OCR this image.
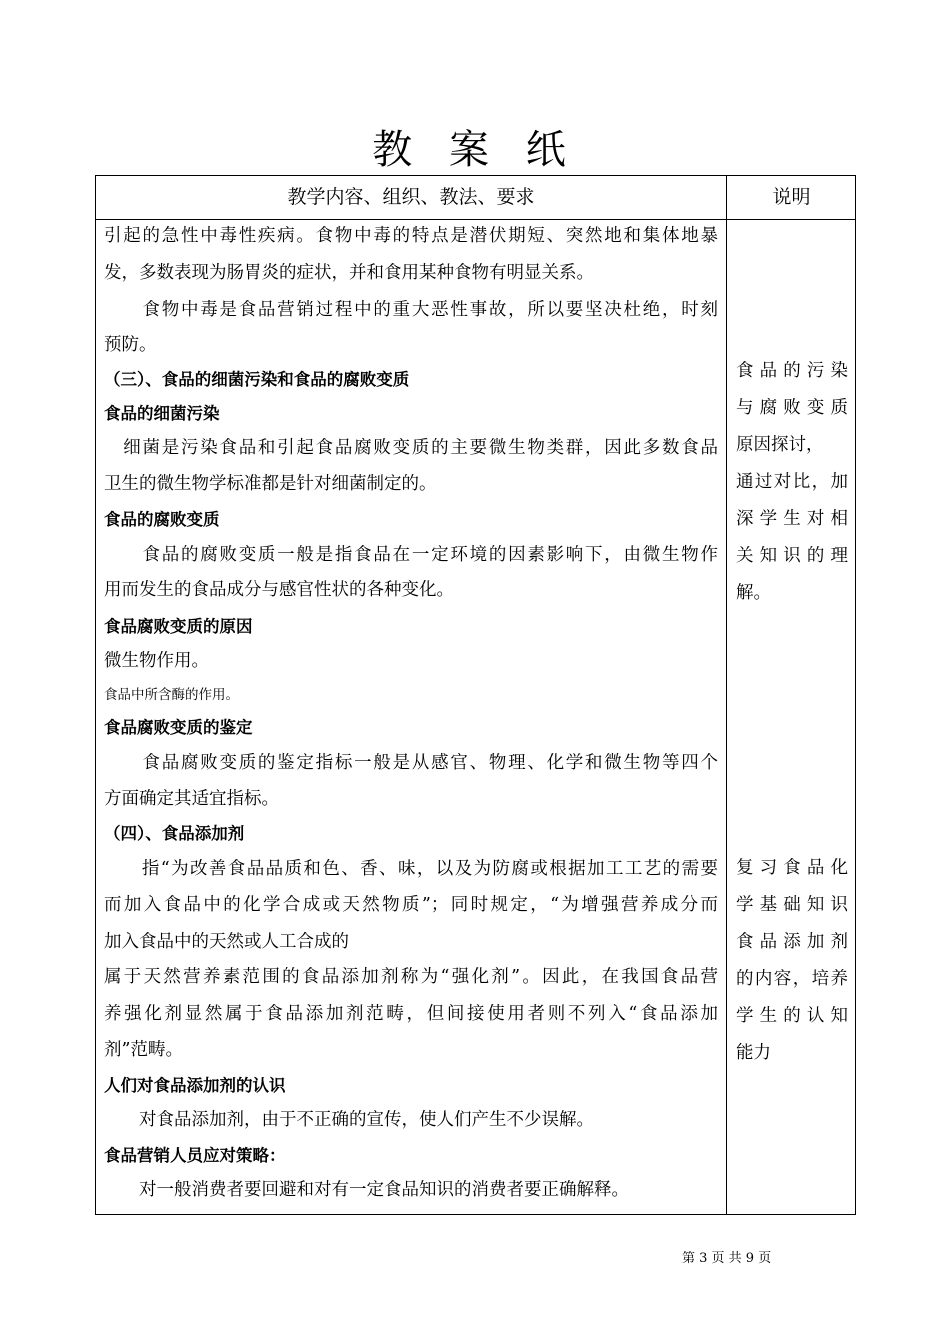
教 案 纸
教学内容、组织、教法、要求	说明
引起的急性中毒性疾病。食物中毒的特点是潜伏期短、突然地和集体地暴
发，多数表现为肠胃炎的症状，并和食用某种食物有明显关系。
　　食物中毒是食品营销过程中的重大恶性事故，所以要坚决杜绝，时刻
预防。
（三）、食品的细菌污染和食品的腐败变质
食品的细菌污染
　细菌是污染食品和引起食品腐败变质的主要微生物类群，因此多数食品
卫生的微生物学标准都是针对细菌制定的。
食品的腐败变质
　　食品的腐败变质一般是指食品在一定环境的因素影响下，由微生物作
用而发生的食品成分与感官性状的各种变化。
食品腐败变质的原因
微生物作用。
食品中所含酶的作用。
食品腐败变质的鉴定
　　食品腐败变质的鉴定指标一般是从感官、物理、化学和微生物等四个
方面确定其适宜指标。
（四）、食品添加剂
　　指“为改善食品品质和色、香、味，以及为防腐或根据加工工艺的需要
而加入食品中的化学合成或天然物质”；同时规定，“为增强营养成分而
加入食品中的天然或人工合成的
属于天然营养素范围的食品添加剂称为“强化剂”。因此，在我国食品营
养强化剂显然属于食品添加剂范畴，但间接使用者则不列入“食品添加
剂”范畴。
人们对食品添加剂的认识
　　对食品添加剂，由于不正确的宣传，使人们产生不少误解。
食品营销人员应对策略：
　　对一般消费者要回避和对有一定食品知识的消费者要正确解释。
食品的污染
与腐败变质
原因探讨，
通过对比，加
深学生对相
关知识的理
解。
复习食品化
学基础知识
食品添加剂
的内容，培养
学生的认知
能力
第 3 页 共 9 页
